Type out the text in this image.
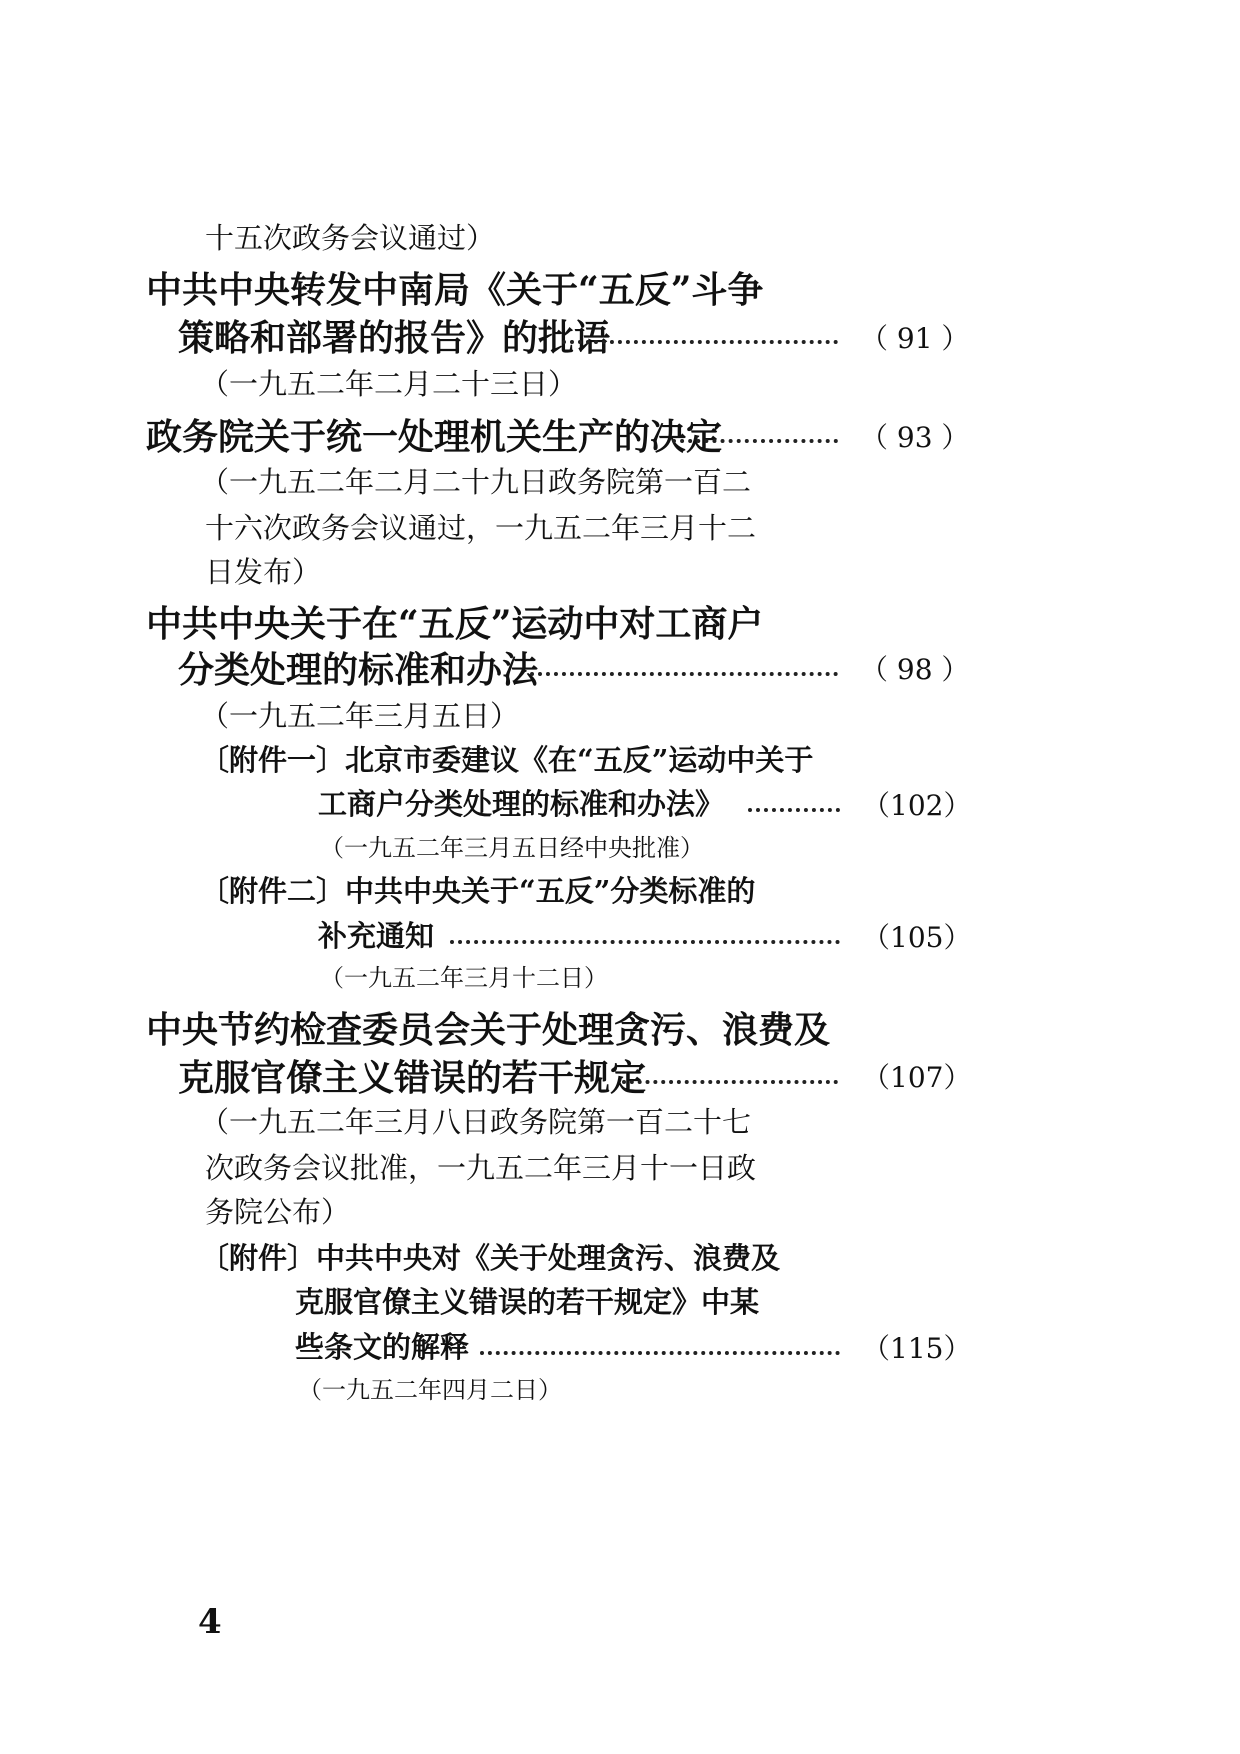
十五次政务会议通过）
中共中央转发中南局《关于“五反”斗争
策略和部署的报告》的批语	（ 91 ）
（一九五二年二月二十三日）
政务院关于统一处理机关生产的决定	（ 93 ）
（一九五二年二月二十九日政务院第一百二
十六次政务会议通过，一九五二年三月十二
日发布）
中共中央关于在“五反”运动中对工商户
分类处理的标准和办法	（ 98 ）
（一九五二年三月五日）
〔附件一〕北京市委建议《在“五反”运动中关于
工商户分类处理的标准和办法》	（102）
（一九五二年三月五日经中央批准）
〔附件二〕中共中央关于“五反”分类标准的
补充通知	（105）
（一九五二年三月十二日）
中央节约检查委员会关于处理贪污、浪费及
克服官僚主义错误的若干规定	（107）
（一九五二年三月八日政务院第一百二十七
次政务会议批准，一九五二年三月十一日政
务院公布）
〔附件〕中共中央对《关于处理贪污、浪费及
克服官僚主义错误的若干规定》中某
些条文的解释	（115）
（一九五二年四月二日）
4
